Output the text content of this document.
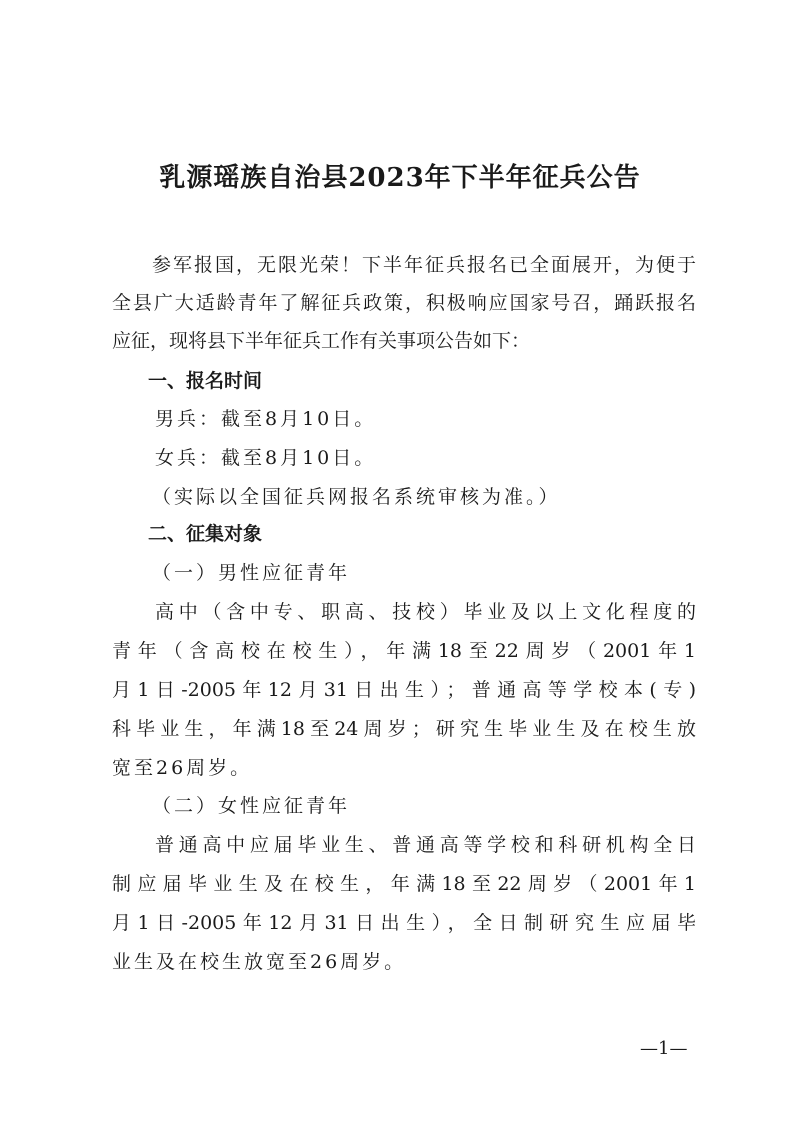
乳源瑶族自治县2023年下半年征兵公告
参军报国，无限光荣！下半年征兵报名已全面展开，为便于
全县广大适龄青年了解征兵政策，积极响应国家号召，踊跃报名
应征，现将县下半年征兵工作有关事项公告如下：
一、报名时间
男兵：截至8月10日。
女兵：截至8月10日。
（实际以全国征兵网报名系统审核为准。）
二、征集对象
（一）男性应征青年
高中（含中专、职高、技校）毕业及以上文化程度的
青年（含高校在校生），年满18至22周岁（2001年1
月1日-2005年12月31日出生）；普通高等学校本(专)
科毕业生，年满18至24周岁；研究生毕业生及在校生放
宽至26周岁。
（二）女性应征青年
普通高中应届毕业生、普通高等学校和科研机构全日
制应届毕业生及在校生，年满18至22周岁（2001年1
月1日-2005年12月31日出生），全日制研究生应届毕
业生及在校生放宽至26周岁。
—1—
